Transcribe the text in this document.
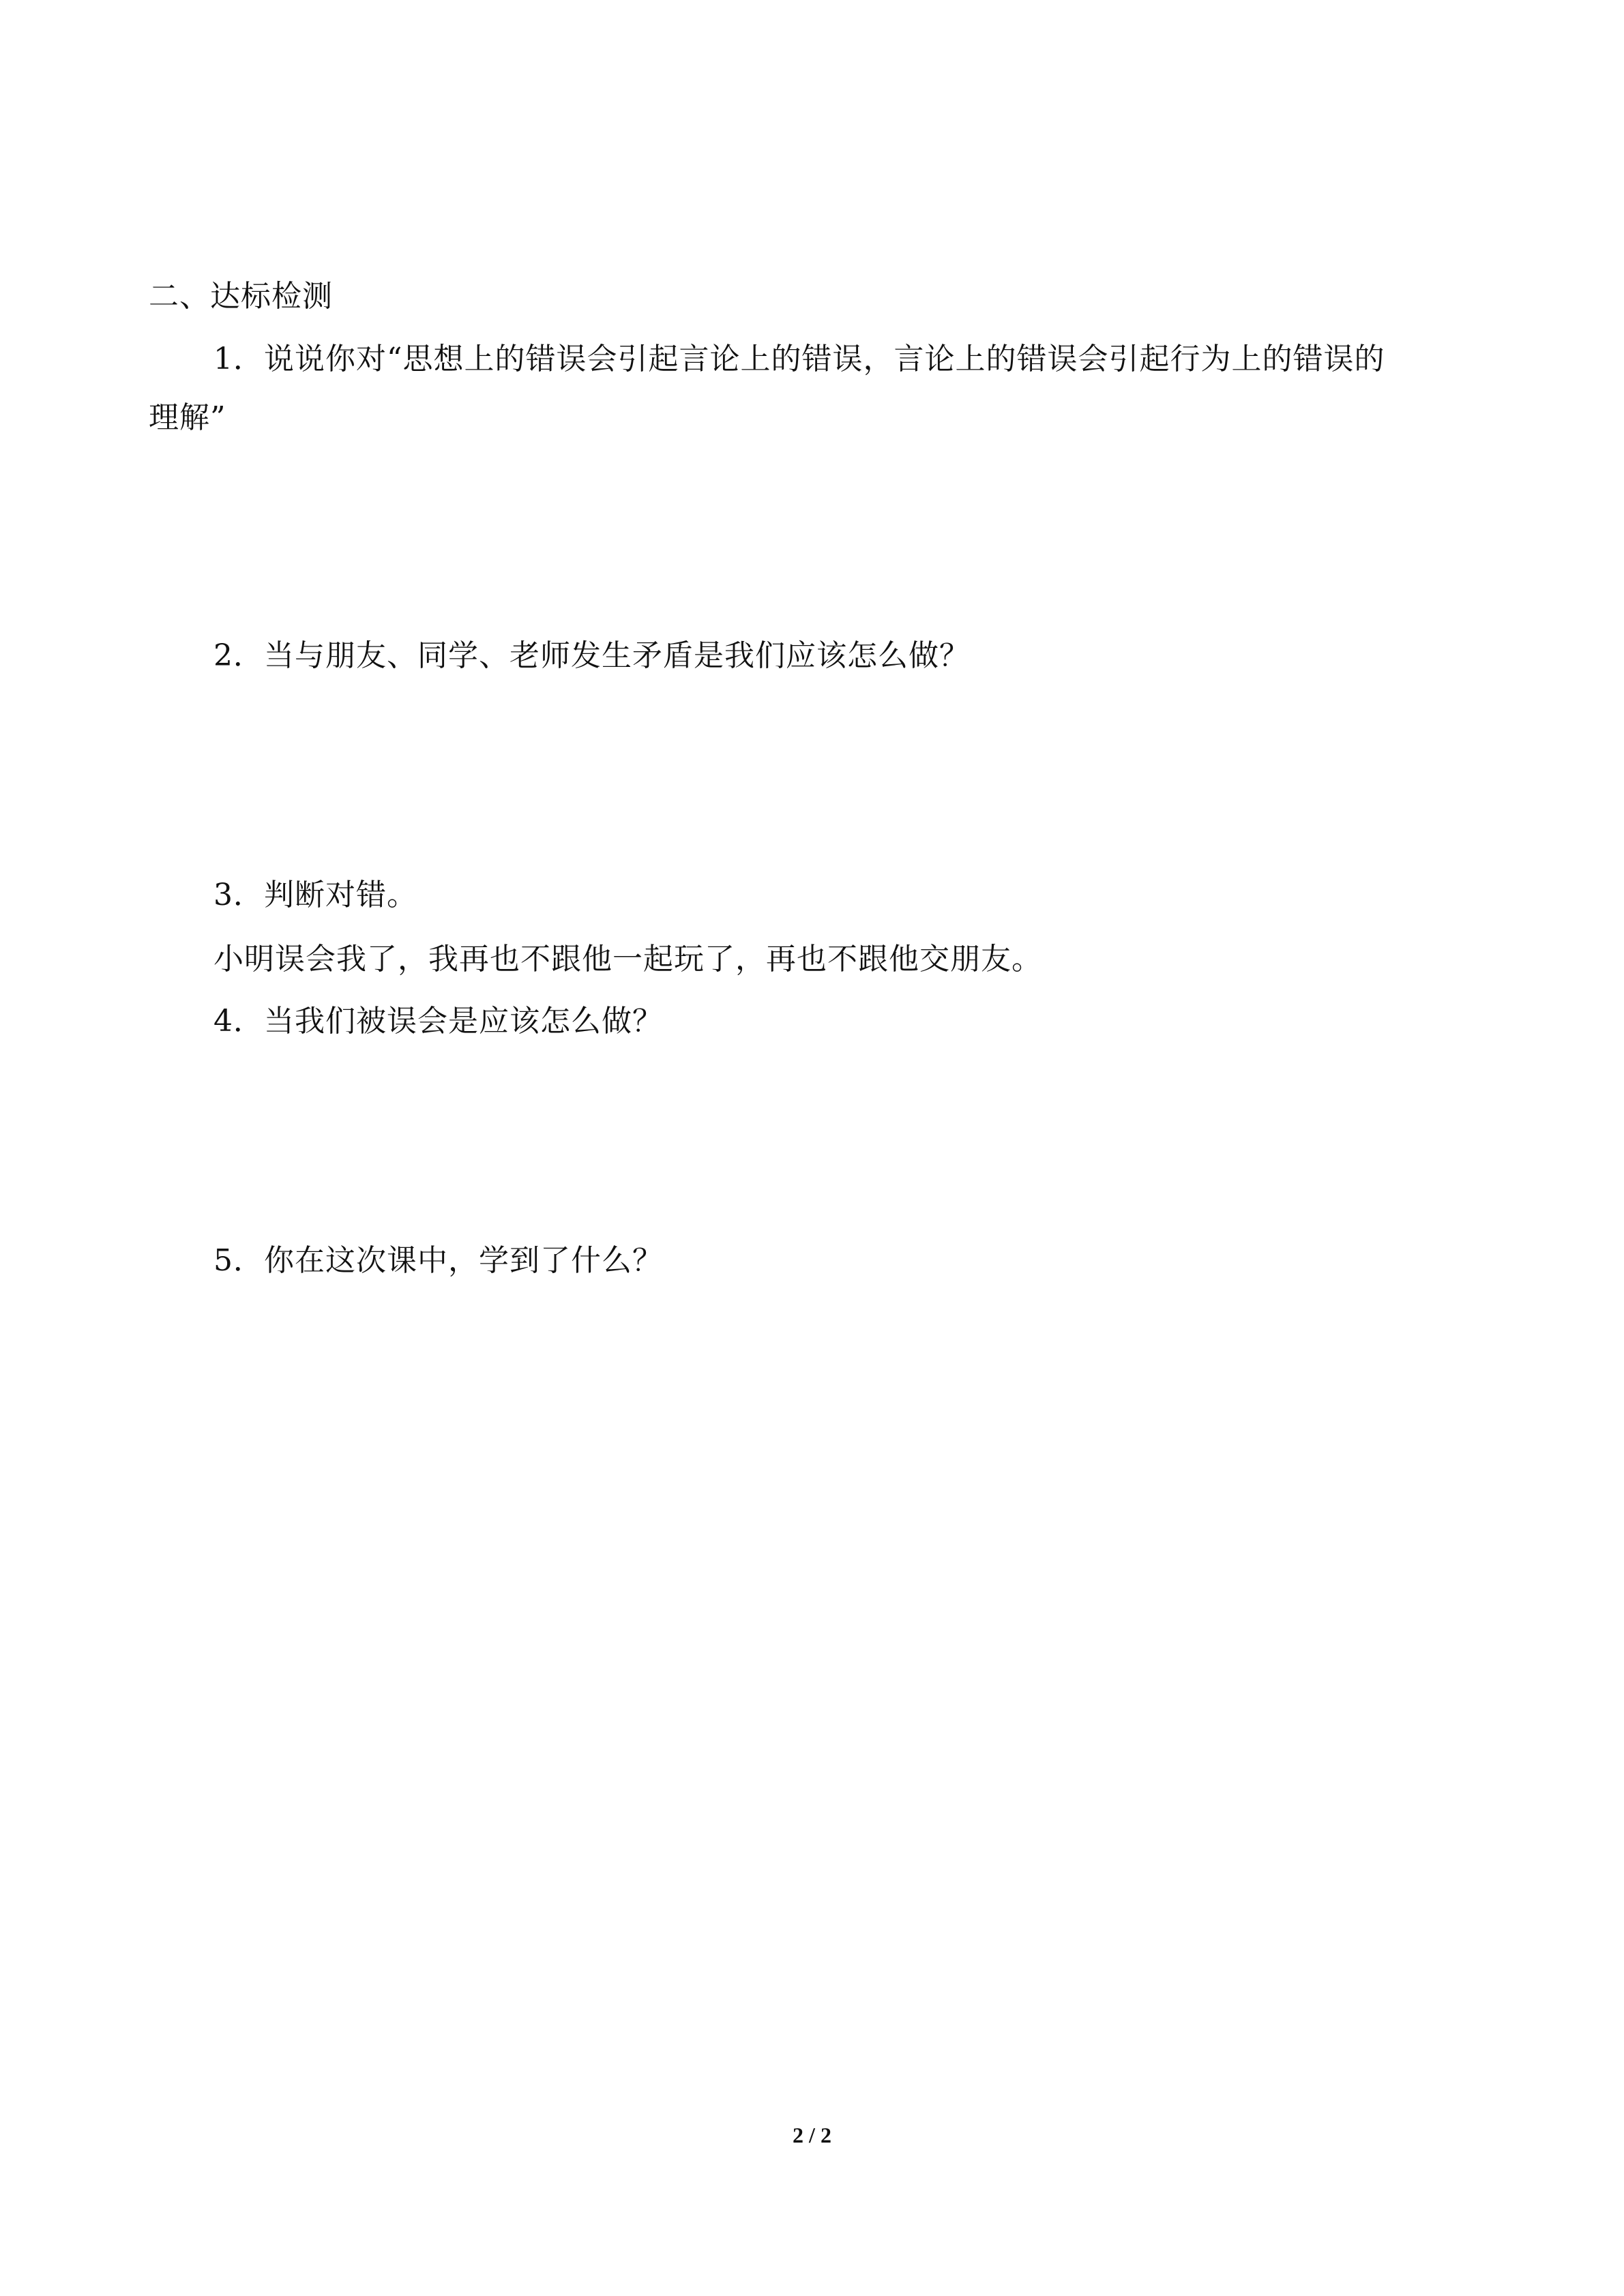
二、达标检测
1．说说你对“思想上的错误会引起言论上的错误，言论上的错误会引起行为上的错误的
理解”
2．当与朋友、同学、老师发生矛盾是我们应该怎么做？
3．判断对错。
小明误会我了，我再也不跟他一起玩了，再也不跟他交朋友。
4．当我们被误会是应该怎么做？
5．你在这次课中，学到了什么？
2 / 2
